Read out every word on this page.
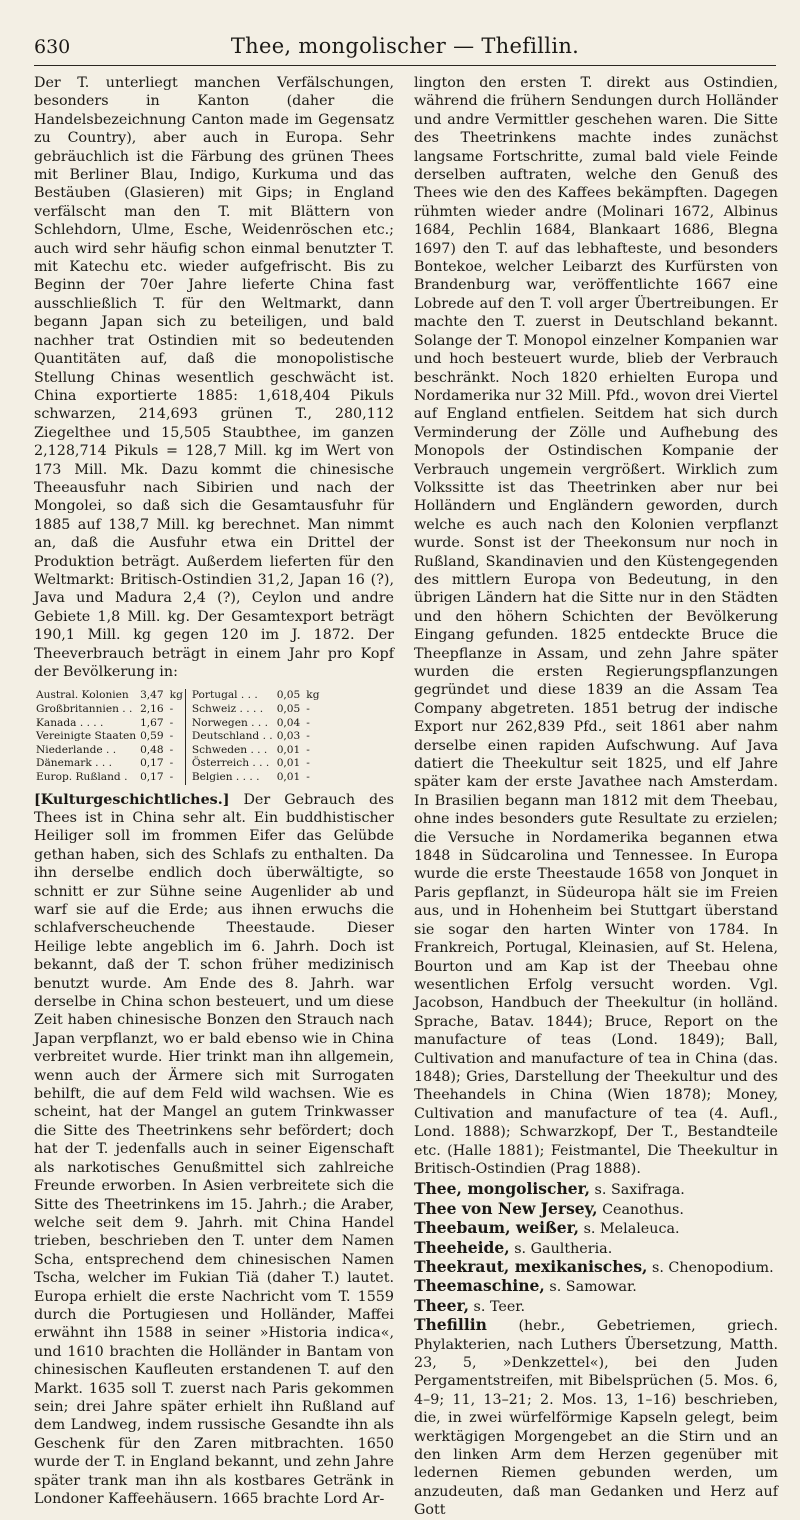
630	Thee, mongolischer — Thefillin.

Der T. unterliegt manchen Verfälschungen, besonders in Kanton (daher die Handelsbezeichnung Canton made im Gegensatz zu Country), aber auch in Europa. Sehr gebräuchlich ist die Färbung des grünen Thees mit Berliner Blau, Indigo, Kurkuma und das Bestäuben (Glasieren) mit Gips; in England verfälscht man den T. mit Blättern von Schlehdorn, Ulme, Esche, Weidenröschen etc.; auch wird sehr häufig schon einmal benutzter T. mit Katechu etc. wieder aufgefrischt. Bis zu Beginn der 70er Jahre lieferte China fast ausschließlich T. für den Weltmarkt, dann begann Japan sich zu beteiligen, und bald nachher trat Ostindien mit so bedeutenden Quantitäten auf, daß die monopolistische Stellung Chinas wesentlich geschwächt ist. China exportierte 1885: 1,618,404 Pikuls schwarzen, 214,693 grünen T., 280,112 Ziegelthee und 15,505 Staubthee, im ganzen 2,128,714 Pikuls = 128,7 Mill. kg im Wert von 173 Mill. Mk. Dazu kommt die chinesische Theeausfuhr nach Sibirien und nach der Mongolei, so daß sich die Gesamtausfuhr für 1885 auf 138,7 Mill. kg berechnet. Man nimmt an, daß die Ausfuhr etwa ein Drittel der Produktion beträgt. Außerdem lieferten für den Weltmarkt: Britisch-Ostindien 31,2, Japan 16 (?), Java und Madura 2,4 (?), Ceylon und andre Gebiete 1,8 Mill. kg. Der Gesamtexport beträgt 190,1 Mill. kg gegen 120 im J. 1872. Der Theeverbrauch beträgt in einem Jahr pro Kopf der Bevölkerung in:

Austral. Kolonien	3,47	kg
Großbritannien . .	2,16	-
Kanada . . . .	1,67	-
Vereinigte Staaten	0,59	-
Niederlande . .	0,48	-
Dänemark . . .	0,17	-
Europ. Rußland .	0,17	-
Portugal . . .	0,05	kg
Schweiz . . . .	0,05	-
Norwegen . . .	0,04	-
Deutschland . .	0,03	-
Schweden . . .	0,01	-
Österreich . . .	0,01	-
Belgien . . . .	0,01	-

[Kulturgeschichtliches.] Der Gebrauch des Thees ist in China sehr alt. Ein buddhistischer Heiliger soll im frommen Eifer das Gelübde gethan haben, sich des Schlafs zu enthalten. Da ihn derselbe endlich doch überwältigte, so schnitt er zur Sühne seine Augenlider ab und warf sie auf die Erde; aus ihnen erwuchs die schlafverscheuchende Theestaude. Dieser Heilige lebte angeblich im 6. Jahrh. Doch ist bekannt, daß der T. schon früher medizinisch benutzt wurde. Am Ende des 8. Jahrh. war derselbe in China schon besteuert, und um diese Zeit haben chinesische Bonzen den Strauch nach Japan verpflanzt, wo er bald ebenso wie in China verbreitet wurde. Hier trinkt man ihn allgemein, wenn auch der Ärmere sich mit Surrogaten behilft, die auf dem Feld wild wachsen. Wie es scheint, hat der Mangel an gutem Trinkwasser die Sitte des Theetrinkens sehr befördert; doch hat der T. jedenfalls auch in seiner Eigenschaft als narkotisches Genußmittel sich zahlreiche Freunde erworben. In Asien verbreitete sich die Sitte des Theetrinkens im 15. Jahrh.; die Araber, welche seit dem 9. Jahrh. mit China Handel trieben, beschrieben den T. unter dem Namen Scha, entsprechend dem chinesischen Namen Tscha, welcher im Fukian Tiä (daher T.) lautet. Europa erhielt die erste Nachricht vom T. 1559 durch die Portugiesen und Holländer, Maffei erwähnt ihn 1588 in seiner »Historia indica«, und 1610 brachten die Holländer in Bantam von chinesischen Kaufleuten erstandenen T. auf den Markt. 1635 soll T. zuerst nach Paris gekommen sein; drei Jahre später erhielt ihn Rußland auf dem Landweg, indem russische Gesandte ihn als Geschenk für den Zaren mitbrachten. 1650 wurde der T. in England bekannt, und zehn Jahre später trank man ihn als kostbares Getränk in Londoner Kaffeehäusern. 1665 brachte Lord Ar-

lington den ersten T. direkt aus Ostindien, während die frühern Sendungen durch Holländer und andre Vermittler geschehen waren. Die Sitte des Theetrinkens machte indes zunächst langsame Fortschritte, zumal bald viele Feinde derselben auftraten, welche den Genuß des Thees wie den des Kaffees bekämpften. Dagegen rühmten wieder andre (Molinari 1672, Albinus 1684, Pechlin 1684, Blankaart 1686, Blegna 1697) den T. auf das lebhafteste, und besonders Bontekoe, welcher Leibarzt des Kurfürsten von Brandenburg war, veröffentlichte 1667 eine Lobrede auf den T. voll arger Übertreibungen. Er machte den T. zuerst in Deutschland bekannt. Solange der T. Monopol einzelner Kompanien war und hoch besteuert wurde, blieb der Verbrauch beschränkt. Noch 1820 erhielten Europa und Nordamerika nur 32 Mill. Pfd., wovon drei Viertel auf England entfielen. Seitdem hat sich durch Verminderung der Zölle und Aufhebung des Monopols der Ostindischen Kompanie der Verbrauch ungemein vergrößert. Wirklich zum Volkssitte ist das Theetrinken aber nur bei Holländern und Engländern geworden, durch welche es auch nach den Kolonien verpflanzt wurde. Sonst ist der Theekonsum nur noch in Rußland, Skandinavien und den Küstengegenden des mittlern Europa von Bedeutung, in den übrigen Ländern hat die Sitte nur in den Städten und den höhern Schichten der Bevölkerung Eingang gefunden. 1825 entdeckte Bruce die Theepflanze in Assam, und zehn Jahre später wurden die ersten Regierungspflanzungen gegründet und diese 1839 an die Assam Tea Company abgetreten. 1851 betrug der indische Export nur 262,839 Pfd., seit 1861 aber nahm derselbe einen rapiden Aufschwung. Auf Java datiert die Theekultur seit 1825, und elf Jahre später kam der erste Javathee nach Amsterdam. In Brasilien begann man 1812 mit dem Theebau, ohne indes besonders gute Resultate zu erzielen; die Versuche in Nordamerika begannen etwa 1848 in Südcarolina und Tennessee. In Europa wurde die erste Theestaude 1658 von Jonquet in Paris gepflanzt, in Südeuropa hält sie im Freien aus, und in Hohenheim bei Stuttgart überstand sie sogar den harten Winter von 1784. In Frankreich, Portugal, Kleinasien, auf St. Helena, Bourton und am Kap ist der Theebau ohne wesentlichen Erfolg versucht worden. Vgl. Jacobson, Handbuch der Theekultur (in holländ. Sprache, Batav. 1844); Bruce, Report on the manufacture of teas (Lond. 1849); Ball, Cultivation and manufacture of tea in China (das. 1848); Gries, Darstellung der Theekultur und des Theehandels in China (Wien 1878); Money, Cultivation and manufacture of tea (4. Aufl., Lond. 1888); Schwarzkopf, Der T., Bestandteile etc. (Halle 1881); Feistmantel, Die Theekultur in Britisch-Ostindien (Prag 1888).

Thee, mongolischer, s. Saxifraga.

Thee von New Jersey, Ceanothus.

Theebaum, weißer, s. Melaleuca.

Theeheide, s. Gaultheria.

Theekraut, mexikanisches, s. Chenopodium.

Theemaschine, s. Samowar.

Theer, s. Teer.

Thefillin (hebr., Gebetriemen, griech. Phylakterien, nach Luthers Übersetzung, Matth. 23, 5, »Denkzettel«), bei den Juden Pergamentstreifen, mit Bibelsprüchen (5. Mos. 6, 4–9; 11, 13–21; 2. Mos. 13, 1–16) beschrieben, die, in zwei würfelförmige Kapseln gelegt, beim werktägigen Morgengebet an die Stirn und an den linken Arm dem Herzen gegenüber mit ledernen Riemen gebunden werden, um anzudeuten, daß man Gedanken und Herz auf Gott
